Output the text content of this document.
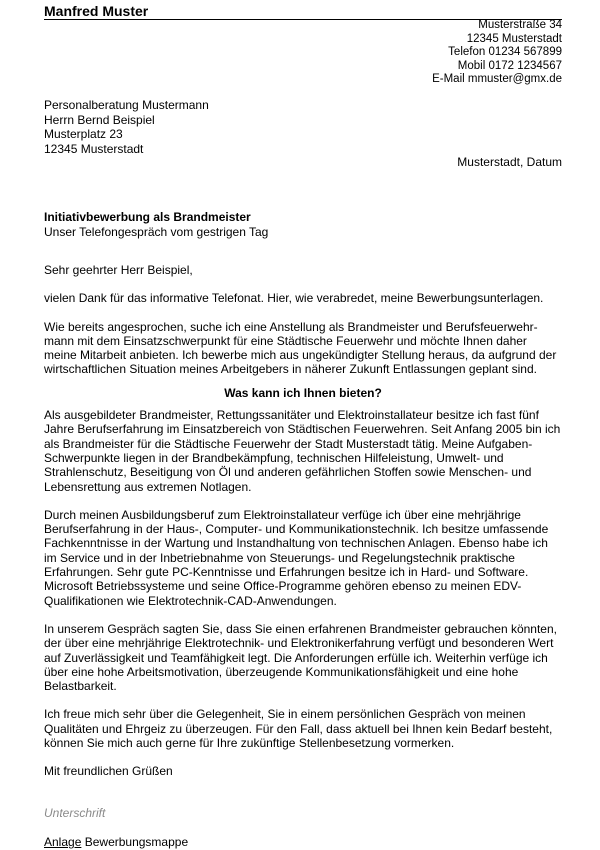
Manfred Muster
Musterstraße 34
12345 Musterstadt
Telefon 01234 567899
Mobil 0172 1234567
E-Mail mmuster@gmx.de
Personalberatung Mustermann
Herrn Bernd Beispiel
Musterplatz 23
12345 Musterstadt
Musterstadt, Datum
Initiativbewerbung als Brandmeister
Unser Telefongespräch vom gestrigen Tag

Sehr geehrter Herr Beispiel,

vielen Dank für das informative Telefonat. Hier, wie verabredet, meine Bewerbungsunterlagen.

Wie bereits angesprochen, suche ich eine Anstellung als Brandmeister und Berufsfeuerwehr-
mann mit dem Einsatzschwerpunkt für eine Städtische Feuerwehr und möchte Ihnen daher
meine Mitarbeit anbieten. Ich bewerbe mich aus ungekündigter Stellung heraus, da aufgrund der
wirtschaftlichen Situation meines Arbeitgebers in näherer Zukunft Entlassungen geplant sind.

Was kann ich Ihnen bieten?

Als ausgebildeter Brandmeister, Rettungssanitäter und Elektroinstallateur besitze ich fast fünf
Jahre Berufserfahrung im Einsatzbereich von Städtischen Feuerwehren. Seit Anfang 2005 bin ich
als Brandmeister für die Städtische Feuerwehr der Stadt Musterstadt tätig. Meine Aufgaben-
Schwerpunkte liegen in der Brandbekämpfung, technischen Hilfeleistung, Umwelt- und
Strahlenschutz, Beseitigung von Öl und anderen gefährlichen Stoffen sowie Menschen- und
Lebensrettung aus extremen Notlagen.

Durch meinen Ausbildungsberuf zum Elektroinstallateur verfüge ich über eine mehrjährige
Berufserfahrung in der Haus-, Computer- und Kommunikationstechnik. Ich besitze umfassende
Fachkenntnisse in der Wartung und Instandhaltung von technischen Anlagen. Ebenso habe ich
im Service und in der Inbetriebnahme von Steuerungs- und Regelungstechnik praktische
Erfahrungen. Sehr gute PC-Kenntnisse und Erfahrungen besitze ich in Hard- und Software.
Microsoft Betriebssysteme und seine Office-Programme gehören ebenso zu meinen EDV-
Qualifikationen wie Elektrotechnik-CAD-Anwendungen.

In unserem Gespräch sagten Sie, dass Sie einen erfahrenen Brandmeister gebrauchen könnten,
der über eine mehrjährige Elektrotechnik- und Elektronikerfahrung verfügt und besonderen Wert
auf Zuverlässigkeit und Teamfähigkeit legt. Die Anforderungen erfülle ich. Weiterhin verfüge ich
über eine hohe Arbeitsmotivation, überzeugende Kommunikationsfähigkeit und eine hohe
Belastbarkeit.

Ich freue mich sehr über die Gelegenheit, Sie in einem persönlichen Gespräch von meinen
Qualitäten und Ehrgeiz zu überzeugen. Für den Fall, dass aktuell bei Ihnen kein Bedarf besteht,
können Sie mich auch gerne für Ihre zukünftige Stellenbesetzung vormerken.

Mit freundlichen Grüßen

Unterschrift
Anlage Bewerbungsmappe
